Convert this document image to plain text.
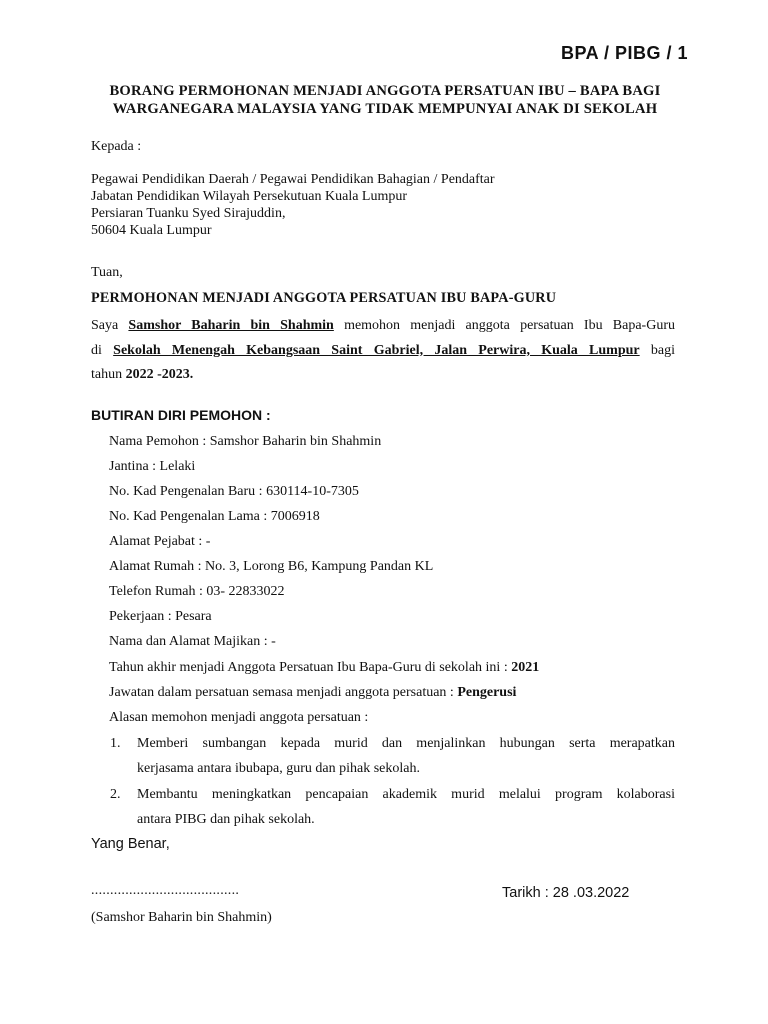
BPA / PIBG / 1
BORANG PERMOHONAN MENJADI ANGGOTA PERSATUAN IBU – BAPA BAGI
WARGANEGARA MALAYSIA YANG TIDAK MEMPUNYAI ANAK DI SEKOLAH
Kepada :
Pegawai Pendidikan Daerah / Pegawai Pendidikan Bahagian / Pendaftar
Jabatan Pendidikan Wilayah Persekutuan Kuala Lumpur
Persiaran Tuanku Syed Sirajuddin,
50604 Kuala Lumpur
Tuan,
PERMOHONAN MENJADI ANGGOTA PERSATUAN IBU BAPA-GURU
Saya Samshor Baharin bin Shahmin memohon menjadi anggota persatuan Ibu Bapa-Guru
di Sekolah Menengah Kebangsaan Saint Gabriel, Jalan Perwira, Kuala Lumpur bagi
tahun 2022 -2023.
BUTIRAN DIRI PEMOHON :
Nama Pemohon : Samshor Baharin bin Shahmin
Jantina : Lelaki
No. Kad Pengenalan Baru : 630114-10-7305
No. Kad Pengenalan Lama : 7006918
Alamat Pejabat : -
Alamat Rumah : No. 3, Lorong B6, Kampung Pandan KL
Telefon Rumah : 03- 22833022
Pekerjaan : Pesara
Nama dan Alamat Majikan : -
Tahun akhir menjadi Anggota Persatuan Ibu Bapa-Guru di sekolah ini : 2021
Jawatan dalam persatuan semasa menjadi anggota persatuan : Pengerusi
Alasan memohon menjadi anggota persatuan :
1. Memberi sumbangan kepada murid dan menjalinkan hubungan serta merapatkan
kerjasama antara ibubapa, guru dan pihak sekolah.
2. Membantu meningkatkan pencapaian akademik murid melalui program kolaborasi
antara PIBG dan pihak sekolah.
Yang Benar,
.......................................	Tarikh : 28 .03.2022
(Samshor Baharin bin Shahmin)
